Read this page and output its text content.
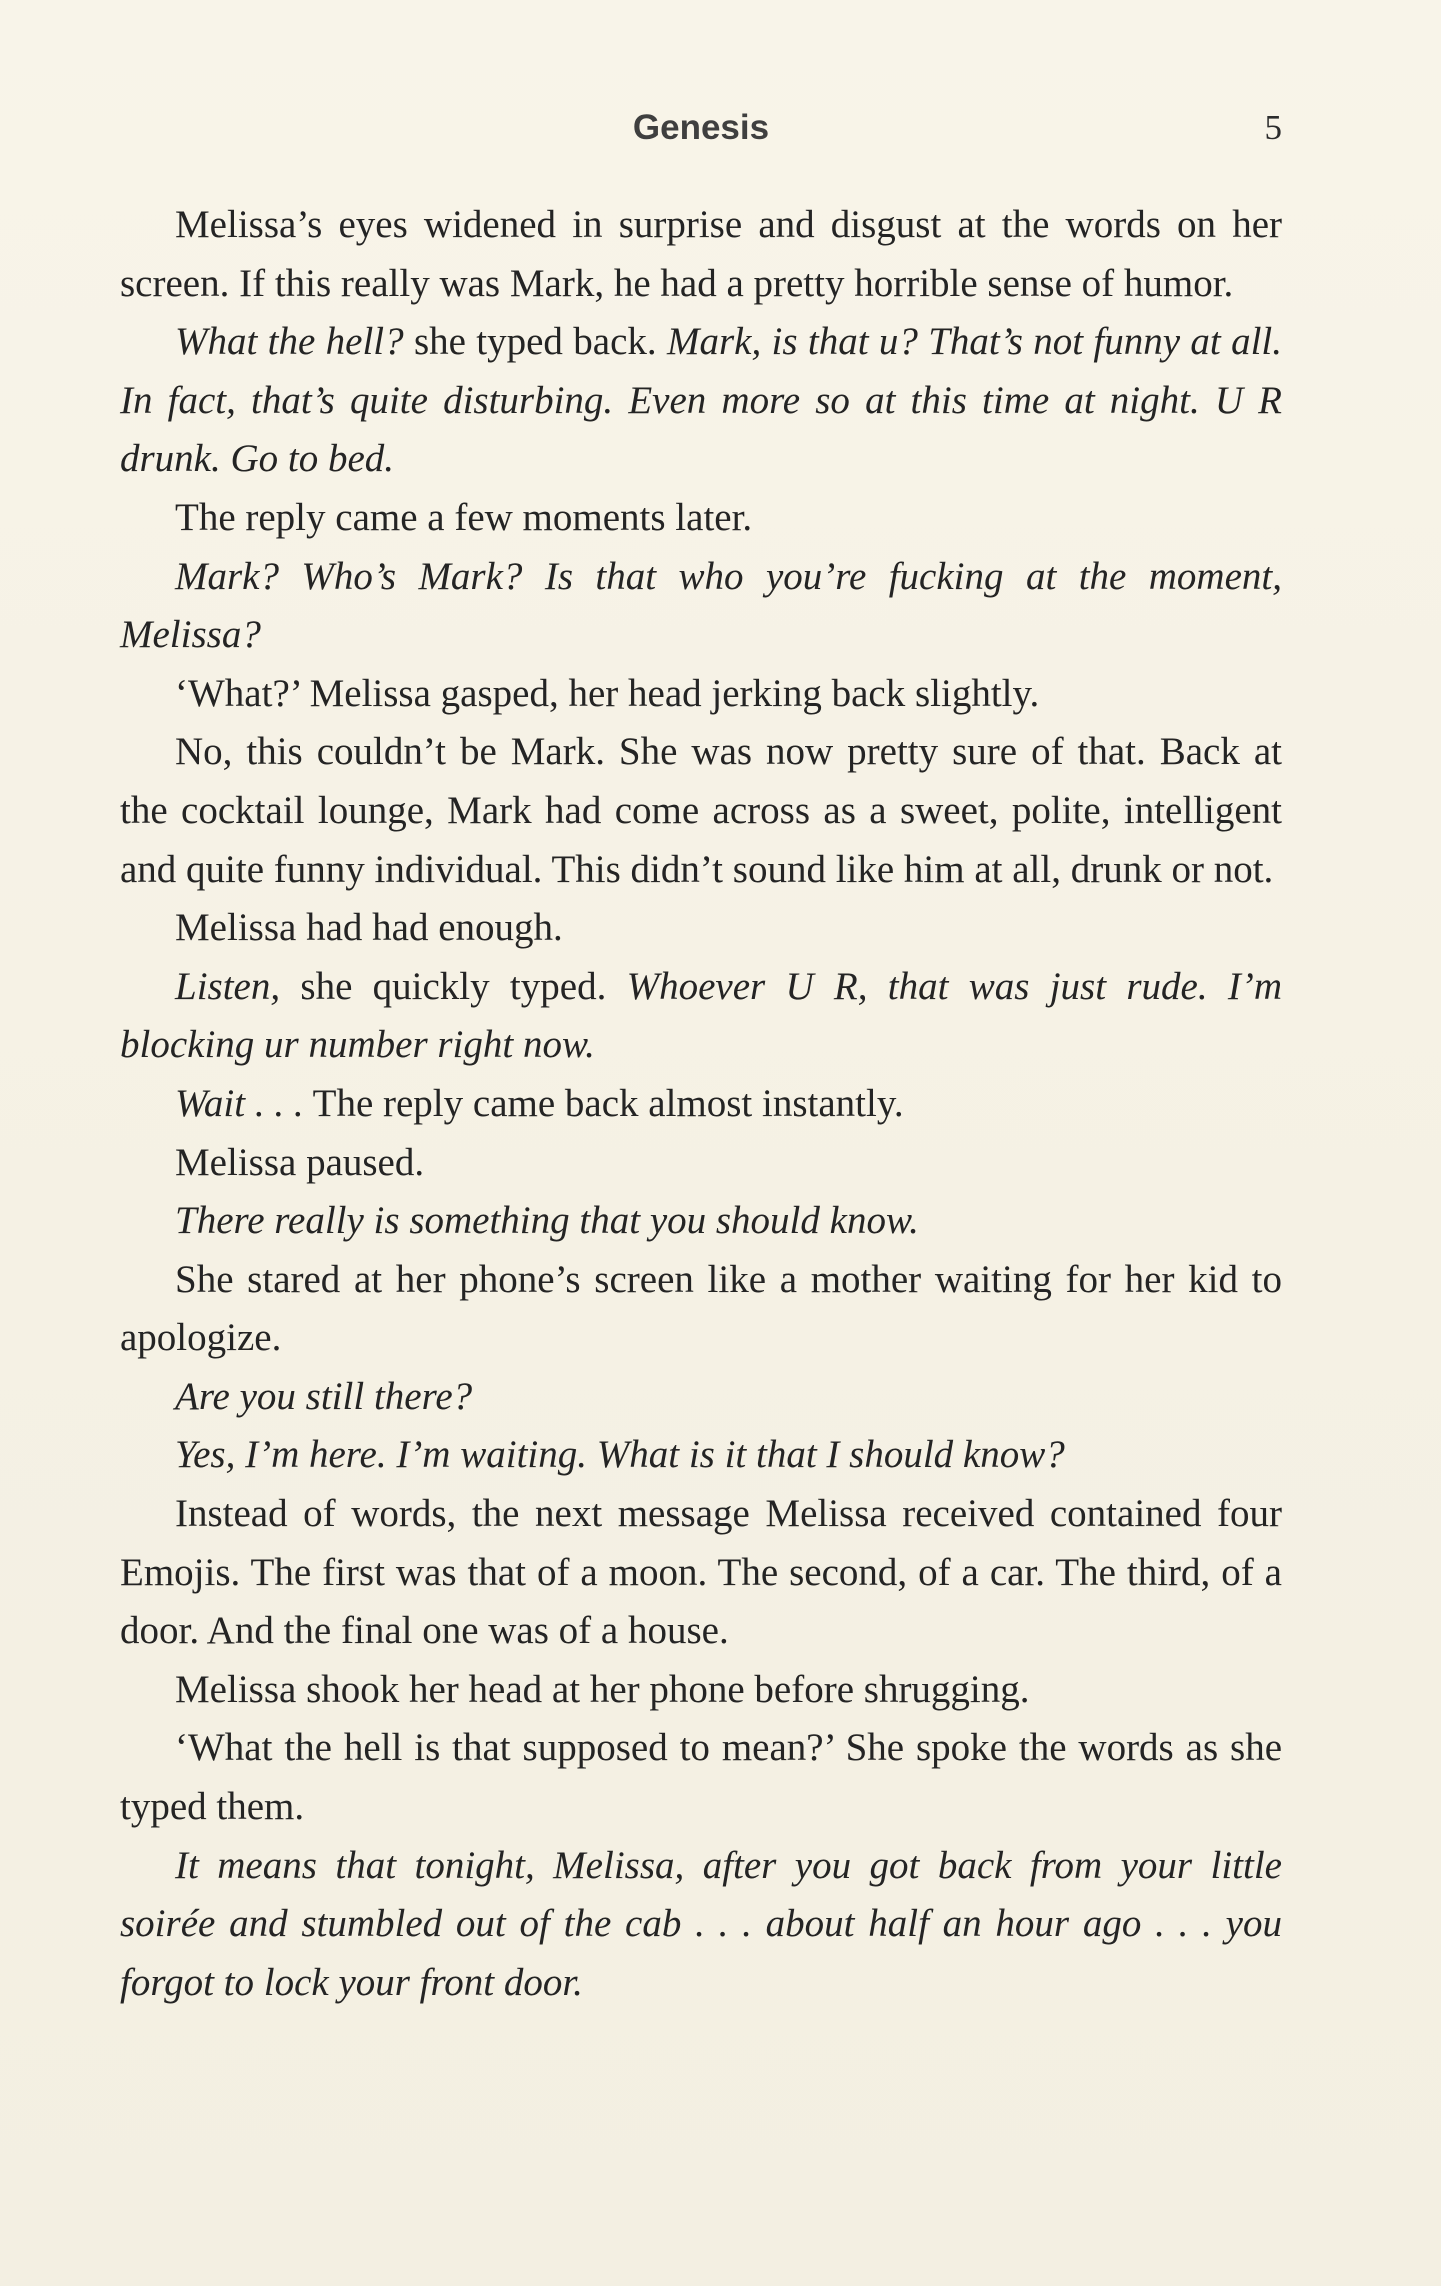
Genesis	5

Melissa’s eyes widened in surprise and disgust at the words on her screen. If this really was Mark, he had a pretty horrible sense of humor.

What the hell? she typed back. Mark, is that u? That’s not funny at all. In fact, that’s quite disturbing. Even more so at this time at night. U R drunk. Go to bed.

The reply came a few moments later.

Mark? Who’s Mark? Is that who you’re fucking at the moment, Melissa?

‘What?’ Melissa gasped, her head jerking back slightly.

No, this couldn’t be Mark. She was now pretty sure of that. Back at the cocktail lounge, Mark had come across as a sweet, polite, intelligent and quite funny individual. This didn’t sound like him at all, drunk or not.

Melissa had had enough.

Listen, she quickly typed. Whoever U R, that was just rude. I’m blocking ur number right now.

Wait . . . The reply came back almost instantly.

Melissa paused.

There really is something that you should know.

She stared at her phone’s screen like a mother waiting for her kid to apologize.

Are you still there?

Yes, I’m here. I’m waiting. What is it that I should know?

Instead of words, the next message Melissa received contained four Emojis. The first was that of a moon. The second, of a car. The third, of a door. And the final one was of a house.

Melissa shook her head at her phone before shrugging.

‘What the hell is that supposed to mean?’ She spoke the words as she typed them.

It means that tonight, Melissa, after you got back from your little soirée and stumbled out of the cab . . . about half an hour ago . . . you forgot to lock your front door.
